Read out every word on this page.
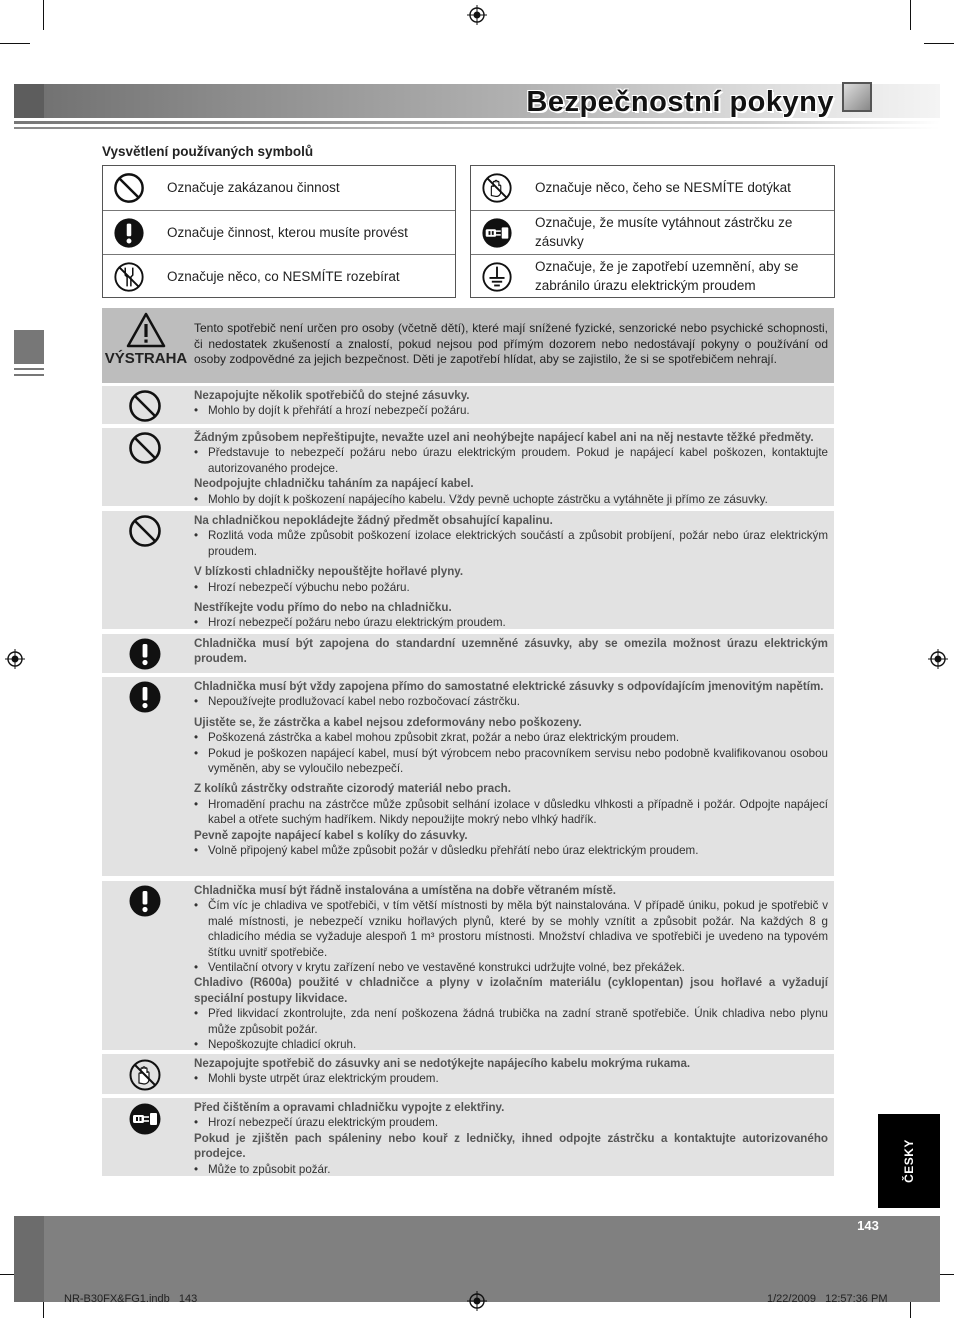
Bezpečnostní pokyny
Vysvětlení používaných symbolů
Označuje zakázanou činnost
Označuje činnost, kterou musíte provést
Označuje něco, co NESMÍTE rozebírat
Označuje něco, čeho se NESMÍTE dotýkat
Označuje, že musíte vytáhnout zástrčku ze zásuvky
Označuje, že je zapotřebí uzemnění, aby se zabránilo úrazu elektrickým proudem
VÝSTRAHA
Tento spotřebič není určen pro osoby (včetně dětí), které mají snížené fyzické, senzorické nebo psychické schopnosti, či nedostatek zkušeností a znalostí, pokud nejsou pod přímým dozorem nebo nedostávají pokyny o používání od osoby zodpovědné za jejich bezpečnost. Děti je zapotřebí hlídat, aby se zajistilo, že si se spotřebičem nehrají.
Nezapojujte několik spotřebičů do stejné zásuvky.
• Mohlo by dojít k přehřátí a hrozí nebezpečí požáru.
Žádným způsobem nepřeštipujte, nevažte uzel ani neohýbejte napájecí kabel ani na něj nestavte těžké předměty.
• Představuje to nebezpečí požáru nebo úrazu elektrickým proudem. Pokud je napájecí kabel poškozen, kontaktujte autorizovaného prodejce.
Neodpojujte chladničku taháním za napájecí kabel.
• Mohlo by dojít k poškození napájecího kabelu. Vždy pevně uchopte zástrčku a vytáhněte ji přímo ze zásuvky.
Na chladničkou nepokládejte žádný předmět obsahující kapalinu.
• Rozlitá voda může způsobit poškození izolace elektrických součástí a způsobit probíjení, požár nebo úraz elektrickým proudem.
V blízkosti chladničky nepouštějte hořlavé plyny.
• Hrozí nebezpečí výbuchu nebo požáru.
Nestříkejte vodu přímo do nebo na chladničku.
• Hrozí nebezpečí požáru nebo úrazu elektrickým proudem.
Chladnička musí být zapojena do standardní uzemněné zásuvky, aby se omezila možnost úrazu elektrickým proudem.
Chladnička musí být vždy zapojena přímo do samostatné elektrické zásuvky s odpovídajícím jmenovitým napětím.
• Nepoužívejte prodlužovací kabel nebo rozbočovací zástrčku.
Ujistěte se, že zástrčka a kabel nejsou zdeformovány nebo poškozeny.
• Poškozená zástrčka a kabel mohou způsobit zkrat, požár a nebo úraz elektrickým proudem.
• Pokud je poškozen napájecí kabel, musí být výrobcem nebo pracovníkem servisu nebo podobně kvalifikovanou osobou vyměněn, aby se vyloučilo nebezpečí.
Z kolíků zástrčky odstraňte cizorodý materiál nebo prach.
• Hromadění prachu na zástrčce může způsobit selhání izolace v důsledku vlhkosti a případně i požár. Odpojte napájecí kabel a otřete suchým hadříkem. Nikdy nepoužijte mokrý nebo vlhký hadřík.
Pevně zapojte napájecí kabel s kolíky do zásuvky.
• Volně připojený kabel může způsobit požár v důsledku přehřátí nebo úraz elektrickým proudem.
Chladnička musí být řádně instalována a umístěna na dobře větraném místě.
• Čím víc je chladiva ve spotřebiči, v tím větší místnosti by měla být nainstalována. V případě úniku, pokud je spotřebič v malé místnosti, je nebezpečí vzniku hořlavých plynů, které by se mohly vznítit a způsobit požár. Na každých 8 g chladicího média se vyžaduje alespoň 1 m³ prostoru místnosti. Množství chladiva ve spotřebiči je uvedeno na typovém štítku uvnitř spotřebiče.
• Ventilační otvory v krytu zařízení nebo ve vestavěné konstrukci udržujte volné, bez překážek.
Chladivo (R600a) použité v chladničce a plyny v izolačním materiálu (cyklopentan) jsou hořlavé a vyžadují speciální postupy likvidace.
• Před likvidací zkontrolujte, zda není poškozena žádná trubička na zadní straně spotřebiče. Únik chladiva nebo plynu může způsobit požár.
• Nepoškozujte chladicí okruh.
Nezapojujte spotřebič do zásuvky ani se nedotýkejte napájecího kabelu mokrýma rukama.
• Mohli byste utrpět úraz elektrickým proudem.
Před čištěním a opravami chladničku vypojte z elektřiny.
• Hrozí nebezpečí úrazu elektrickým proudem.
Pokud je zjištěn pach spáleniny nebo kouř z ledničky, ihned odpojte zástrčku a kontaktujte autorizovaného prodejce.
• Může to způsobit požár.	ČESKY
143
NR-B30FX&FG1.indb   143	1/22/2009   12:57:36 PM
